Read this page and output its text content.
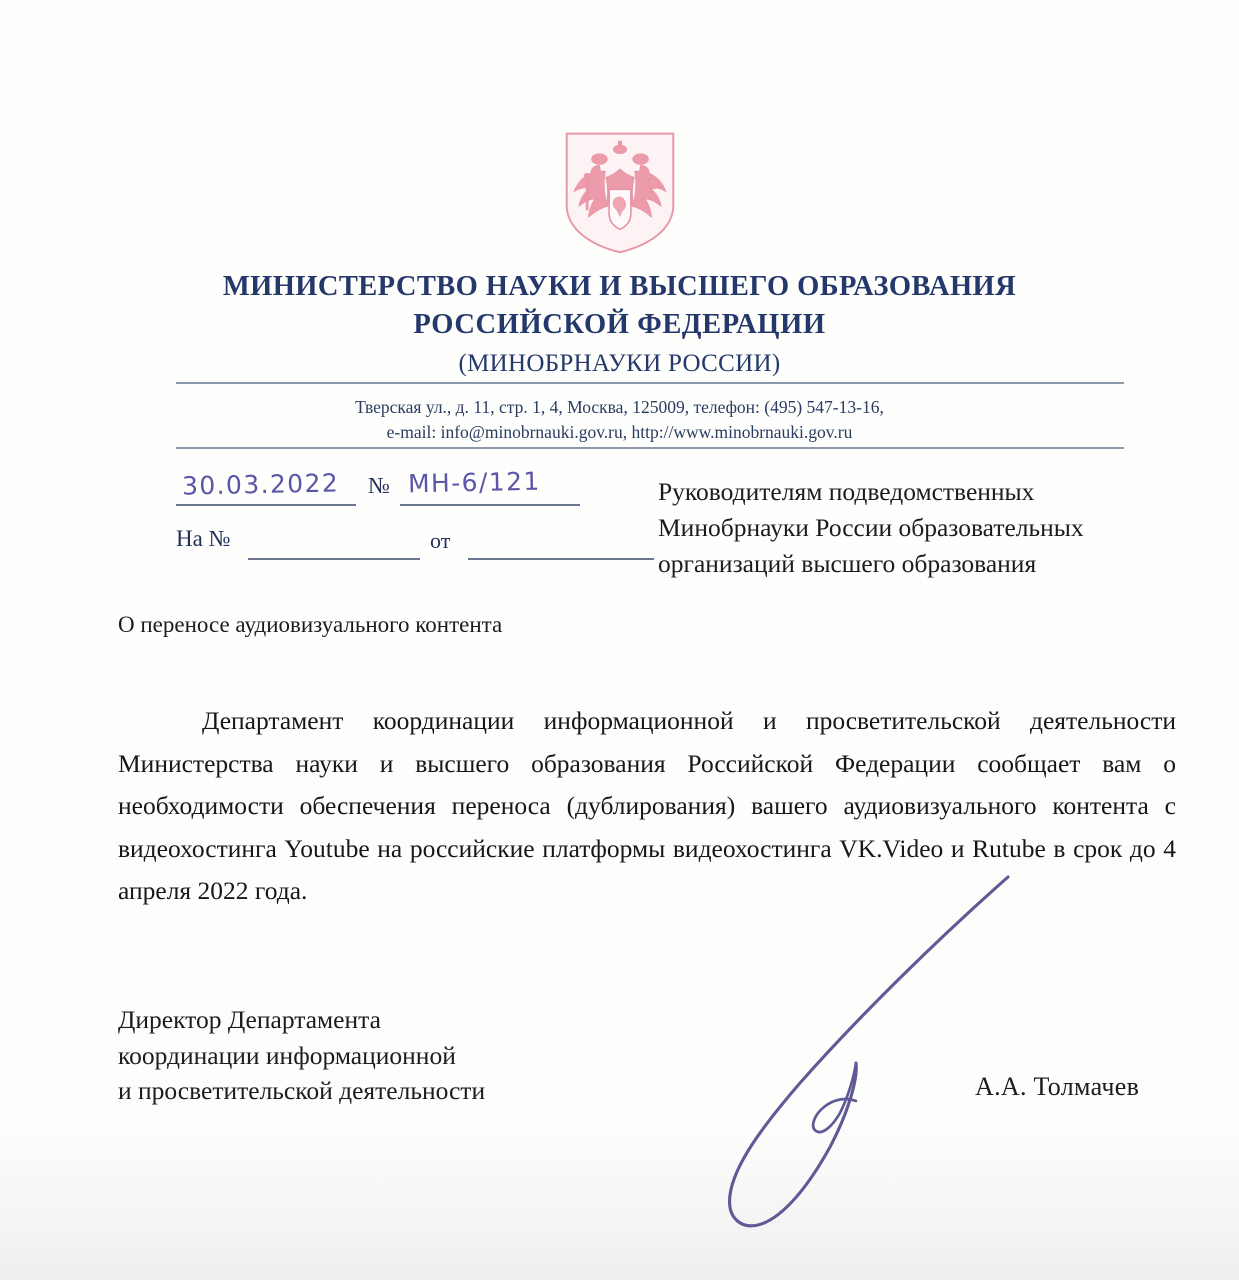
МИНИСТЕРСТВО НАУКИ И ВЫСШЕГО ОБРАЗОВАНИЯ
РОССИЙСКОЙ ФЕДЕРАЦИИ
(МИНОБРНАУКИ РОССИИ)
Тверская ул., д. 11, стр. 1, 4, Москва, 125009, телефон: (495) 547-13-16,
e-mail: info@minobrnauki.gov.ru, http://www.minobrnauki.gov.ru
30.03.2022 № МН-6/121
На №	от
Руководителям подведомственных
Минобрнауки России образовательных
организаций высшего образования
О переносе аудиовизуального контента
Департамент координации информационной и просветительской деятельности Министерства науки и высшего образования Российской Федерации сообщает вам о необходимости обеспечения переноса (дублирования) вашего аудиовизуального контента с видеохостинга Youtube на российские платформы видеохостинга VK.Video и Rutube в срок до 4 апреля 2022 года.
Директор Департамента
координации информационной
и просветительской деятельности	А.А. Толмачев
